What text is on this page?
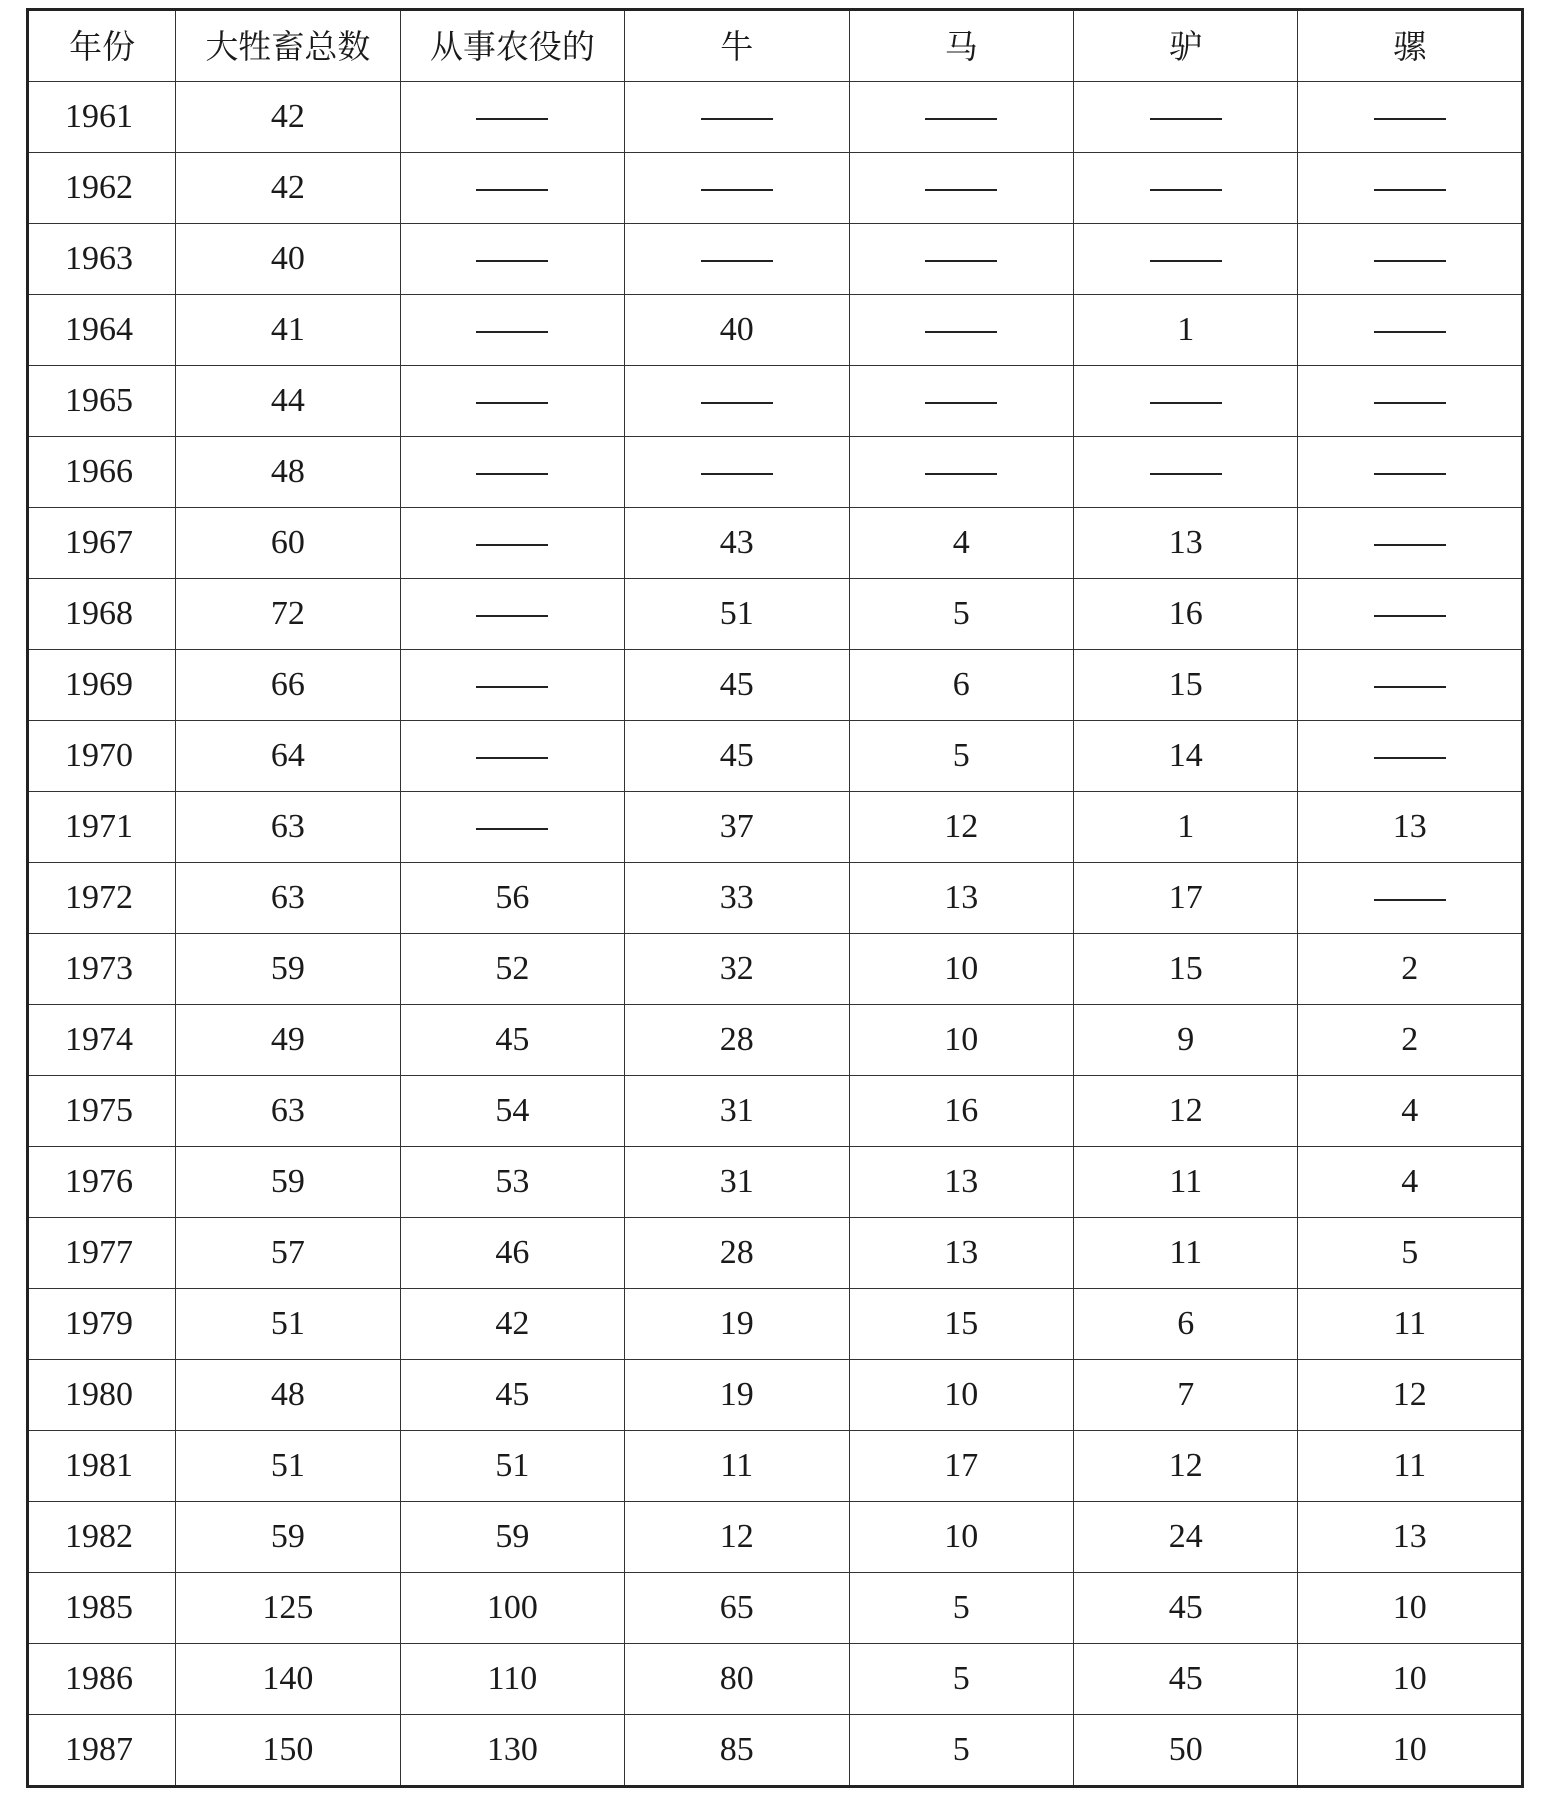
年份	大牲畜总数	从事农役的	牛	马	驴	骡
1961	42					
1962	42					
1963	40					
1964	41		40		1	
1965	44					
1966	48					
1967	60		43	4	13	
1968	72		51	5	16	
1969	66		45	6	15	
1970	64		45	5	14	
1971	63		37	12	1	13
1972	63	56	33	13	17	
1973	59	52	32	10	15	2
1974	49	45	28	10	9	2
1975	63	54	31	16	12	4
1976	59	53	31	13	11	4
1977	57	46	28	13	11	5
1979	51	42	19	15	6	11
1980	48	45	19	10	7	12
1981	51	51	11	17	12	11
1982	59	59	12	10	24	13
1985	125	100	65	5	45	10
1986	140	110	80	5	45	10
1987	150	130	85	5	50	10
